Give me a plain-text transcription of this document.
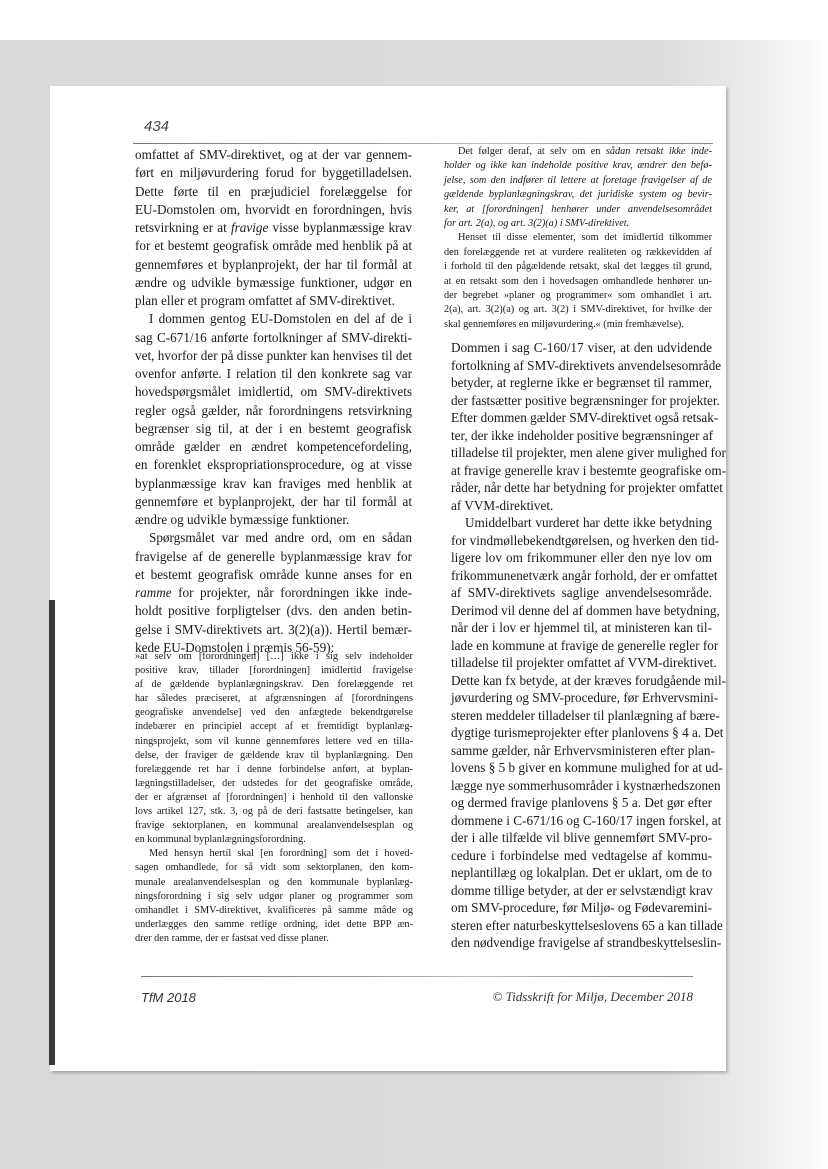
434
omfattet af SMV-direktivet, og at der var gennem-
ført en miljøvurdering forud for byggetilladelsen.
Dette førte til en præjudiciel forelæggelse for
EU-Domstolen om, hvorvidt en forordningen, hvis
retsvirkning er at fravige visse byplanmæssige krav
for et bestemt geografisk område med henblik på at
gennemføres et byplanprojekt, der har til formål at
ændre og udvikle bymæssige funktioner, udgør en
plan eller et program omfattet af SMV-direktivet.
I dommen gentog EU-Domstolen en del af de i
sag C-671/16 anførte fortolkninger af SMV-direkti-
vet, hvorfor der på disse punkter kan henvises til det
ovenfor anførte. I relation til den konkrete sag var
hovedspørgsmålet imidlertid, om SMV-direktivets
regler også gælder, når forordningens retsvirkning
begrænser sig til, at der i en bestemt geografisk
område gælder en ændret kompetencefordeling,
en forenklet ekspropriationsprocedure, og at visse
byplanmæssige krav kan fraviges med henblik at
gennemføre et byplanprojekt, der har til formål at
ændre og udvikle bymæssige funktioner.
Spørgsmålet var med andre ord, om en sådan
fravigelse af de generelle byplanmæssige krav for
et bestemt geografisk område kunne anses for en
ramme for projekter, når forordningen ikke inde-
holdt positive forpligtelser (dvs. den anden betin-
gelse i SMV-direktivets art. 3(2)(a)). Hertil bemær-
kede EU-Domstolen i præmis 56-59):
»at selv om [forordningen] […] ikke i sig selv indeholder
positive krav, tillader [forordningen] imidlertid fravigelse
af de gældende byplanlægningskrav. Den forelæggende ret
har således præciseret, at afgrænsningen af [forordningens
geografiske anvendelse] ved den anfægtede bekendtgørelse
indebærer en principiel accept af et fremtidigt byplanlæg-
ningsprojekt, som vil kunne gennemføres lettere ved en tilla-
delse, der fraviger de gældende krav til byplanlægning. Den
forelæggende ret har i denne forbindelse anført, at byplan-
lægningstilladelser, der udstedes for det geografiske område,
der er afgrænset af [forordningen] i henhold til den vallonske
lovs artikel 127, stk. 3, og på de deri fastsatte betingelser, kan
fravige sektorplanen, en kommunal arealanvendelsesplan og
en kommunal byplanlægningsforordning.
Med hensyn hertil skal [en forordning] som det i hoved-
sagen omhandlede, for så vidt som sektorplanen, den kom-
munale arealanvendelsesplan og den kommunale byplanlæg-
ningsforordning i sig selv udgør planer og programmer som
omhandlet i SMV-direktivet, kvalificeres på samme måde og
underlægges den samme retlige ordning, idet dette BPP æn-
drer den ramme, der er fastsat ved disse planer.
Det følger deraf, at selv om en sådan retsakt ikke inde-
holder og ikke kan indeholde positive krav, ændrer den befø-
jelse, som den indfører til lettere at foretage fravigelser af de
gældende byplanlægningskrav, det juridiske system og bevir-
ker, at [forordningen] henhører under anvendelsesområdet
for art. 2(a), og art. 3(2)(a) i SMV-direktivet.
Henset til disse elementer, som det imidlertid tilkommer
den forelæggende ret at vurdere realiteten og rækkevidden af
i forhold til den pågældende retsakt, skal det lægges til grund,
at en retsakt som den i hovedsagen omhandlede henhører un-
der begrebet »planer og programmer« som omhandlet i art.
2(a), art. 3(2)(a) og art. 3(2) i SMV-direktivet, for hvilke der
skal gennemføres en miljøvurdering.« (min fremhævelse).
Dommen i sag C-160/17 viser, at den udvidende
fortolkning af SMV-direktivets anvendelsesområde
betyder, at reglerne ikke er begrænset til rammer,
der fastsætter positive begrænsninger for projekter.
Efter dommen gælder SMV-direktivet også retsak-
ter, der ikke indeholder positive begrænsninger af
tilladelse til projekter, men alene giver mulighed for
at fravige generelle krav i bestemte geografiske om-
råder, når dette har betydning for projekter omfattet
af VVM-direktivet.
Umiddelbart vurderet har dette ikke betydning
for vindmøllebekendtgørelsen, og hverken den tid-
ligere lov om frikommuner eller den nye lov om
frikommunenetværk angår forhold, der er omfattet
af SMV-direktivets saglige anvendelsesområde.
Derimod vil denne del af dommen have betydning,
når der i lov er hjemmel til, at ministeren kan til-
lade en kommune at fravige de generelle regler for
tilladelse til projekter omfattet af VVM-direktivet.
Dette kan fx betyde, at der kræves forudgående mil-
jøvurdering og SMV-procedure, før Erhvervsmini-
steren meddeler tilladelser til planlægning af bære-
dygtige turismeprojekter efter planlovens § 4 a. Det
samme gælder, når Erhvervsministeren efter plan-
lovens § 5 b giver en kommune mulighed for at ud-
lægge nye sommerhusområder i kystnærhedszonen
og dermed fravige planlovens § 5 a. Det gør efter
dommene i C-671/16 og C-160/17 ingen forskel, at
der i alle tilfælde vil blive gennemført SMV-pro-
cedure i forbindelse med vedtagelse af kommu-
neplantillæg og lokalplan. Det er uklart, om de to
domme tillige betyder, at der er selvstændigt krav
om SMV-procedure, før Miljø- og Fødevaremini-
steren efter naturbeskyttelseslovens 65 a kan tillade
den nødvendige fravigelse af strandbeskyttelseslin-
TfM 2018	© Tidsskrift for Miljø, December 2018
